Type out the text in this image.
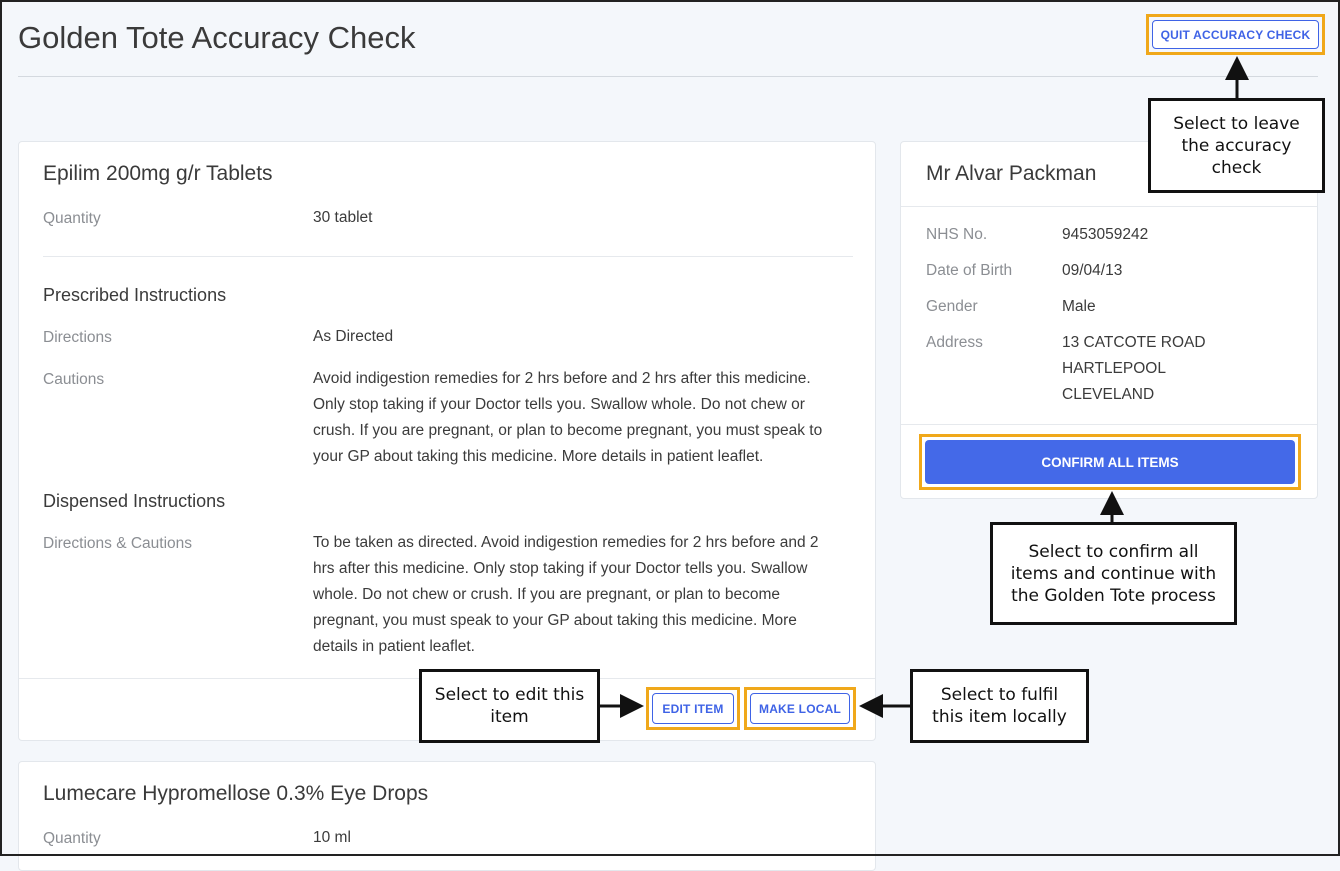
Golden Tote Accuracy Check	QUIT ACCURACY CHECK
Epilim 200mg g/r Tablets
Quantity	30 tablet
Prescribed Instructions
Directions	As Directed
Cautions	Avoid indigestion remedies for 2 hrs before and 2 hrs after this medicine.
Only stop taking if your Doctor tells you. Swallow whole. Do not chew or
crush. If you are pregnant, or plan to become pregnant, you must speak to
your GP about taking this medicine. More details in patient leaflet.
Dispensed Instructions
Directions & Cautions	To be taken as directed. Avoid indigestion remedies for 2 hrs before and 2
hrs after this medicine. Only stop taking if your Doctor tells you. Swallow
whole. Do not chew or crush. If you are pregnant, or plan to become
pregnant, you must speak to your GP about taking this medicine. More
details in patient leaflet.
EDIT ITEM	MAKE LOCAL
Lumecare Hypromellose 0.3% Eye Drops
Quantity	10 ml
Mr Alvar Packman
NHS No.	9453059242
Date of Birth	09/04/13
Gender	Male
Address	13 CATCOTE ROAD
HARTLEPOOL
CLEVELAND
CONFIRM ALL ITEMS
Select to leave the accuracy check
Select to confirm all items and continue with the Golden Tote process
Select to edit this item
Select to fulfil this item locally
